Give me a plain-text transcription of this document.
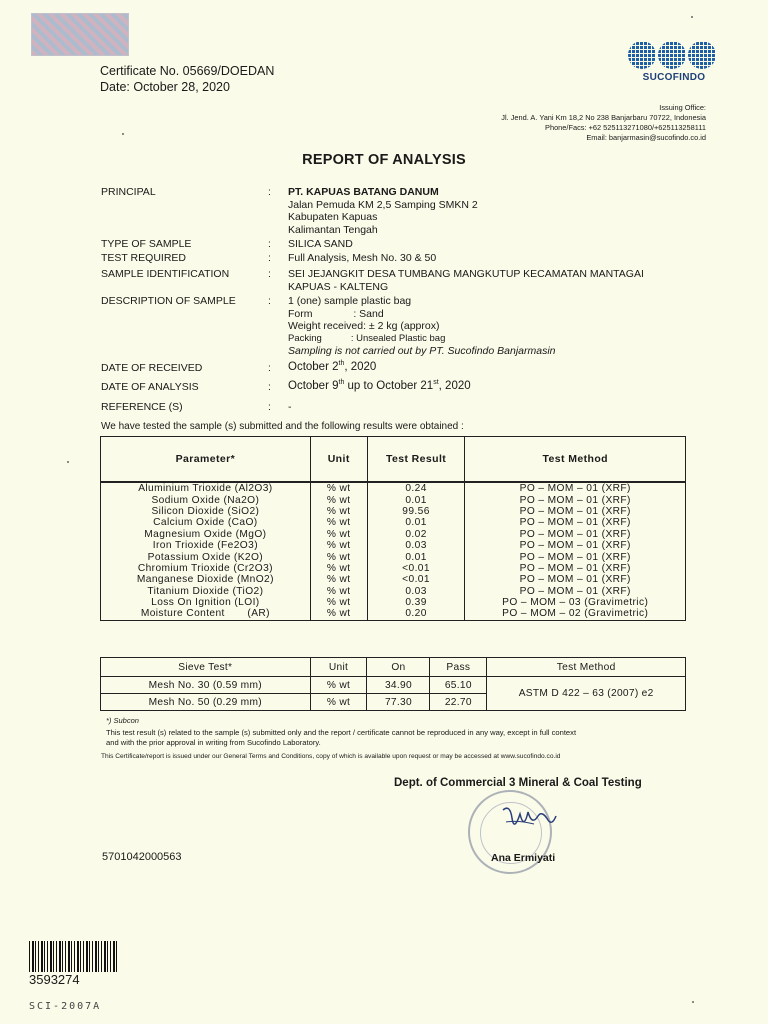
Certificate No. 05669/DOEDAN
Date: October 28, 2020
SUCOFINDO
Issuing Office:
Jl. Jend. A. Yani Km 18,2 No 238 Banjarbaru 70722, Indonesia
Phone/Facs: +62 525113271080/+625113258111
Email: banjarmasin@sucofindo.co.id
REPORT OF ANALYSIS
PRINCIPAL	: PT. KAPUAS BATANG DANUM
Jalan Pemuda KM 2,5 Samping SMKN 2
Kabupaten Kapuas
Kalimantan Tengah
TYPE OF SAMPLE	: SILICA SAND
TEST REQUIRED	: Full Analysis, Mesh No. 30 & 50
SAMPLE IDENTIFICATION	: SEI JEJANGKIT DESA TUMBANG MANGKUTUP KECAMATAN MANTAGAI
KAPUAS - KALTENG
DESCRIPTION OF SAMPLE	: 1 (one) sample plastic bag
Form              : Sand
Weight received: ± 2 kg (approx)
Packing           : Unsealed Plastic bag
Sampling is not carried out by PT. Sucofindo Banjarmasin
DATE OF RECEIVED	: October 2th, 2020
DATE OF ANALYSIS	: October 9th up to October 21st, 2020
REFERENCE (S)	: -
We have tested the sample (s) submitted and the following results were obtained :
Parameter*	Unit	Test Result	Test Method
Aluminium Trioxide (Al2O3)	% wt	0.24	PO – MOM – 01 (XRF)
Sodium Oxide (Na2O)	% wt	0.01	PO – MOM – 01 (XRF)
Silicon Dioxide (SiO2)	% wt	99.56	PO – MOM – 01 (XRF)
Calcium Oxide (CaO)	% wt	0.01	PO – MOM – 01 (XRF)
Magnesium Oxide (MgO)	% wt	0.02	PO – MOM – 01 (XRF)
Iron Trioxide (Fe2O3)	% wt	0.03	PO – MOM – 01 (XRF)
Potassium Oxide (K2O)	% wt	0.01	PO – MOM – 01 (XRF)
Chromium Trioxide (Cr2O3)	% wt	<0.01	PO – MOM – 01 (XRF)
Manganese Dioxide (MnO2)	% wt	<0.01	PO – MOM – 01 (XRF)
Titanium Dioxide (TiO2)	% wt	0.03	PO – MOM – 01 (XRF)
Loss On Ignition (LOI)	% wt	0.39	PO – MOM – 03 (Gravimetric)
Moisture Content       (AR)	% wt	0.20	PO – MOM – 02 (Gravimetric)
Sieve Test*	Unit	On	Pass	Test Method
Mesh No. 30 (0.59 mm)	% wt	34.90	65.10	ASTM D 422 – 63 (2007) e2
Mesh No. 50 (0.29 mm)	% wt	77.30	22.70	
*) Subcon
This test result (s) related to the sample (s) submitted only and the report / certificate cannot be reproduced in any way, except in full context
and with the prior approval in writing from Sucofindo Laboratory.
This Certificate/report is issued under our General Terms and Conditions, copy of which is available upon request or may be accessed at www.sucofindo.co.id
Dept. of Commercial 3 Mineral & Coal Testing
Ana Ermiyati
5701042000563
3593274
SCI-2007A
